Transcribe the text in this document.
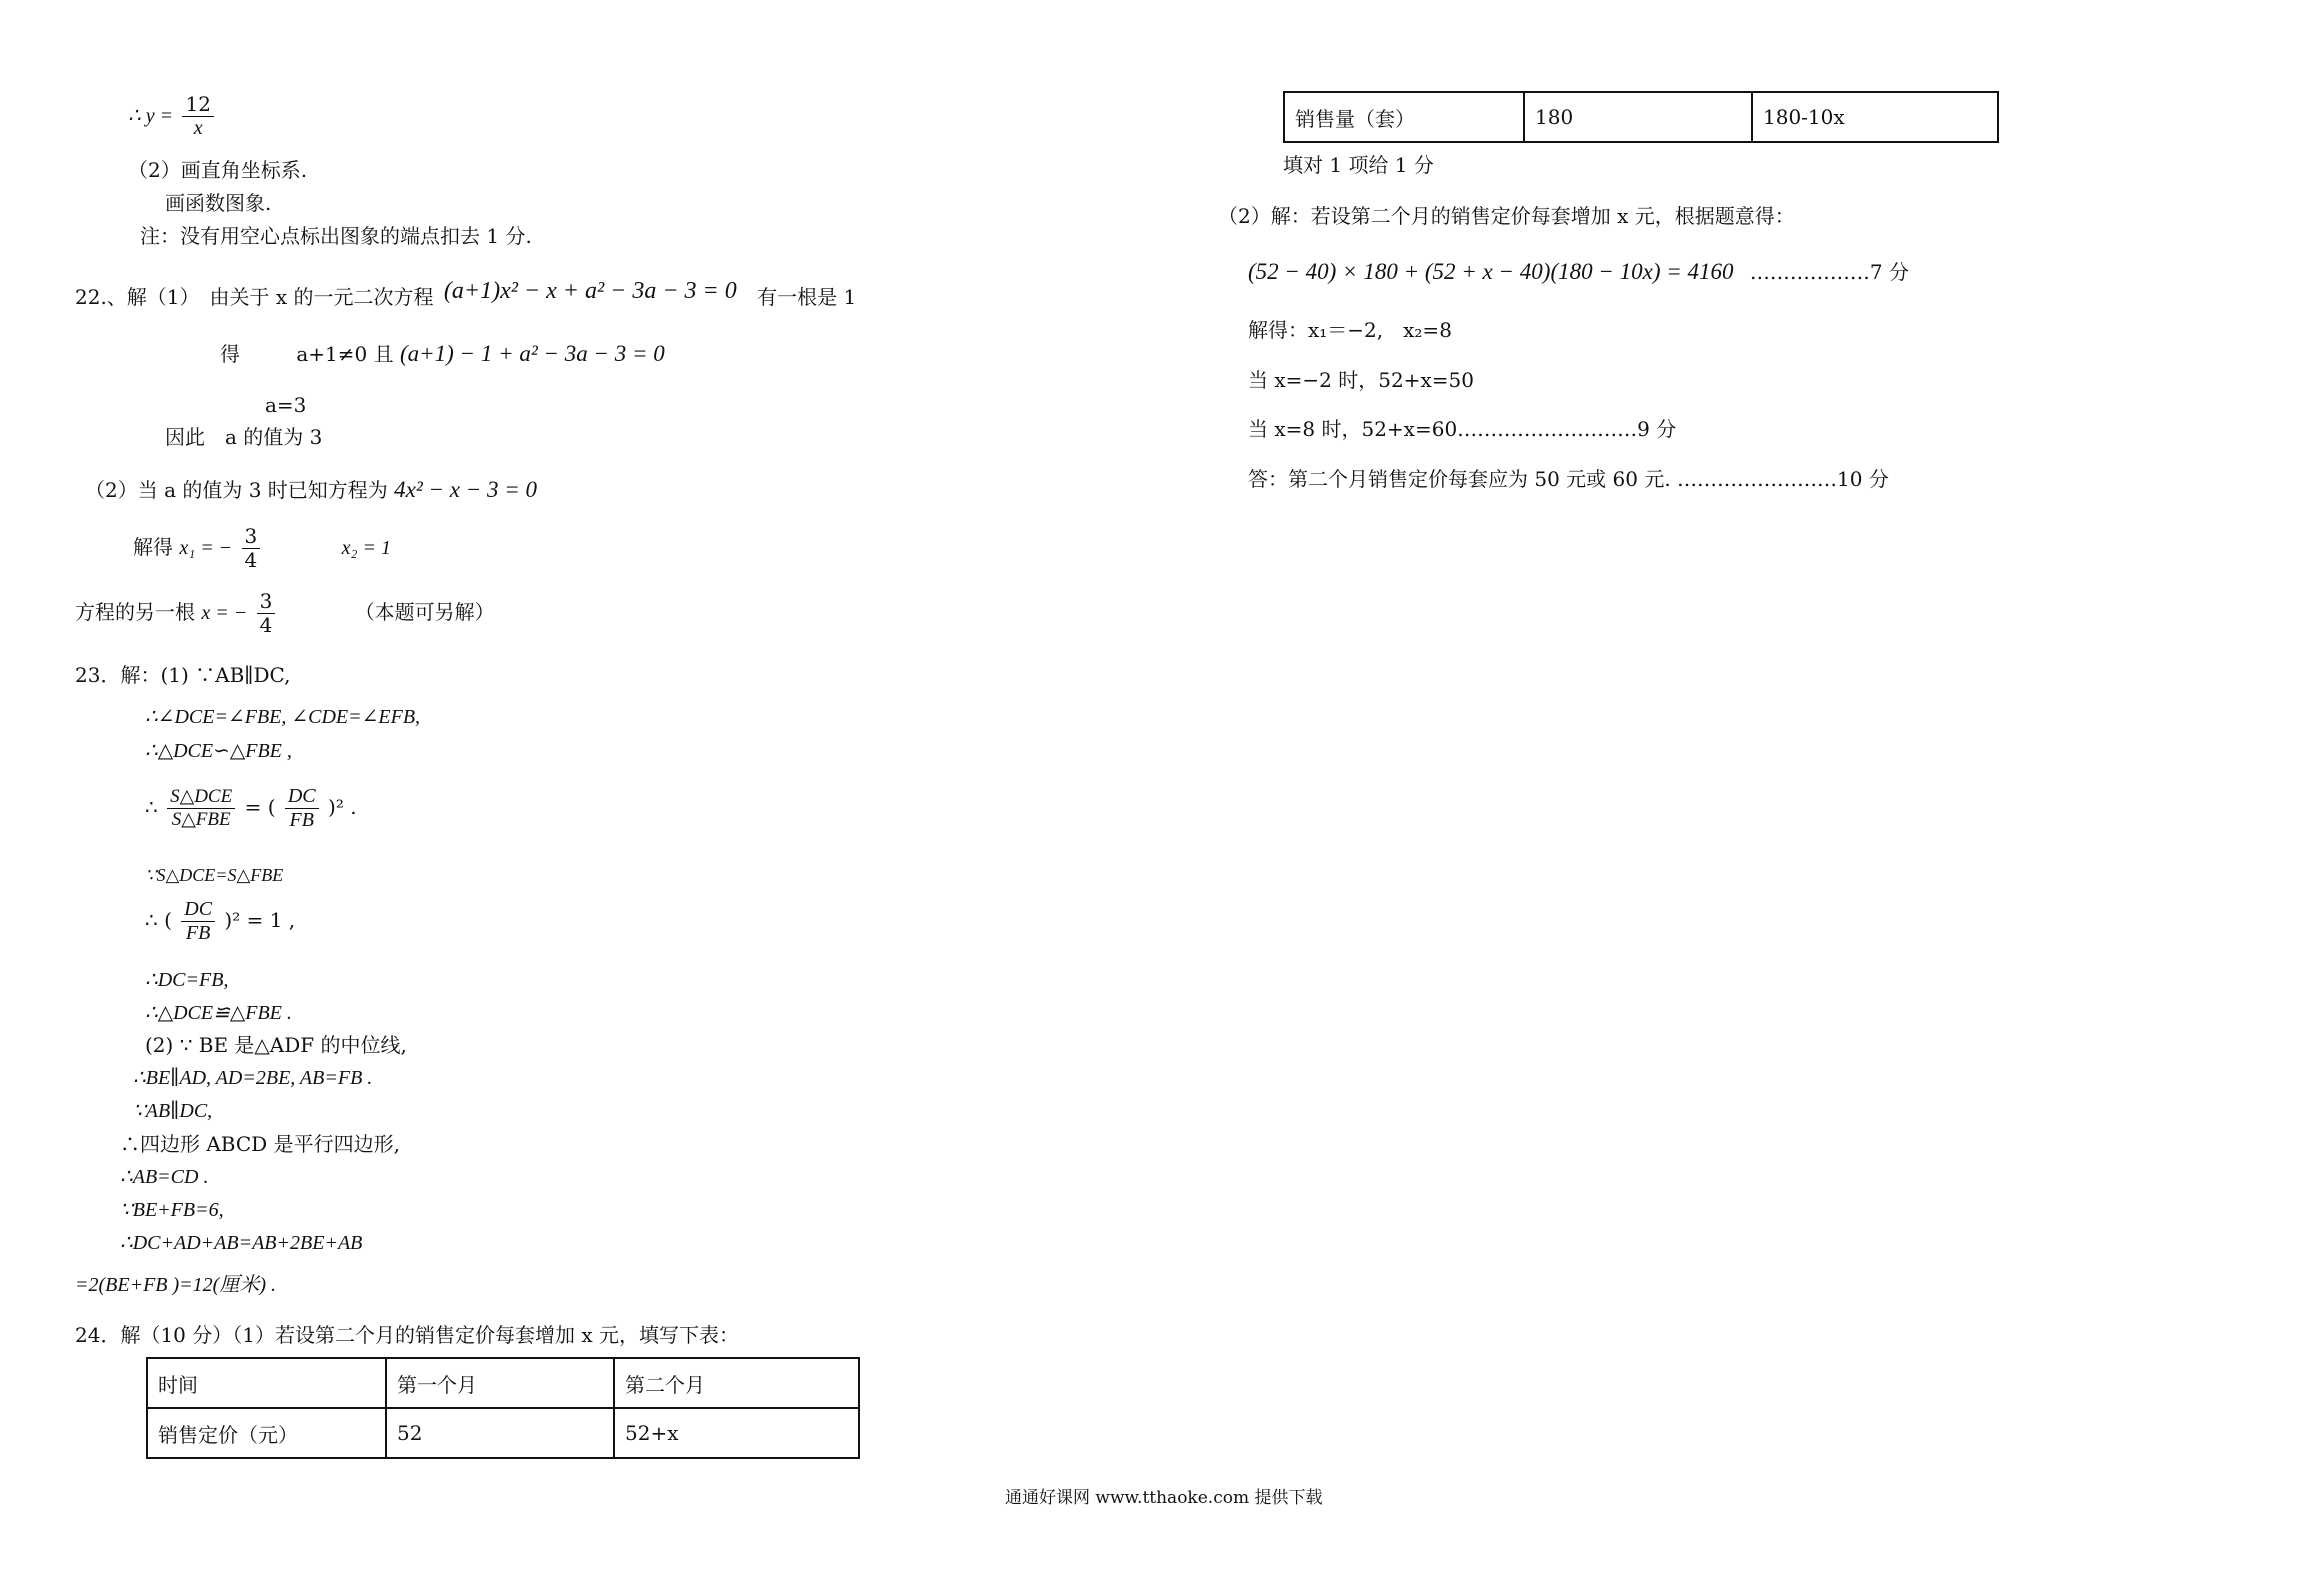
∴ $y = \frac{12}{x}$
（2）画直角坐标系.
画函数图象.
注：没有用空心点标出图象的端点扣去 1 分.
22.、解（1）　由关于 x 的一元二次方程 (a+1)x² − x + a² − 3a − 3 = 0 有一根是 1
得	a+1≠0 且 (a+1) − 1 + a² − 3a − 3 = 0
a=3
因此　a 的值为 3
（2）当 a 的值为 3 时已知方程为 4x² − x − 3 = 0
解得 x₁ = − $\frac{3}{4}$	x₂ = 1
方程的另一根 x = − $\frac{3}{4}$	（本题可另解）
23．解：(1) ∵AB∥DC,
∴∠DCE=∠FBE, ∠CDE=∠EFB,
∴△DCE∽△FBE ,
∴ $\frac{\text{S△DCE}}{\text{S△FBE}}$ = ( $\frac{DC}{FB} )^2$ .
∵S△DCE=S△FBE
∴ ( $\frac{DC}{FB} )^2 = 1$ ,
∴DC=FB,
∴△DCE≌△FBE .
(2) ∵ BE 是△ADF 的中位线,
∴BE∥AD, AD=2BE, AB=FB .
∵AB∥DC,
∴四边形 ABCD 是平行四边形,
∴AB=CD .
∵BE+FB=6,
∴DC+AD+AB=AB+2BE+AB
=2(BE+FB )=12(厘米) .
24．解（10 分）（1）若设第二个月的销售定价每套增加 x 元，填写下表：
时间	第一个月	第二个月
销售定价（元）	52	52+x
销售量（套）	180	180-10x
填对 1 项给 1 分
（2）解：若设第二个月的销售定价每套增加 x 元，根据题意得：
(52 − 40) × 180 + (52 + x − 40)(180 − 10x) = 4160 ………………7 分
解得：x₁＝−2,　x₂=8
当 x=−2 时，52+x=50
当 x=8 时，52+x=60………………………9 分
答：第二个月销售定价每套应为 50 元或 60 元. ……………………10 分
通通好课网 www.tthaoke.com 提供下载
